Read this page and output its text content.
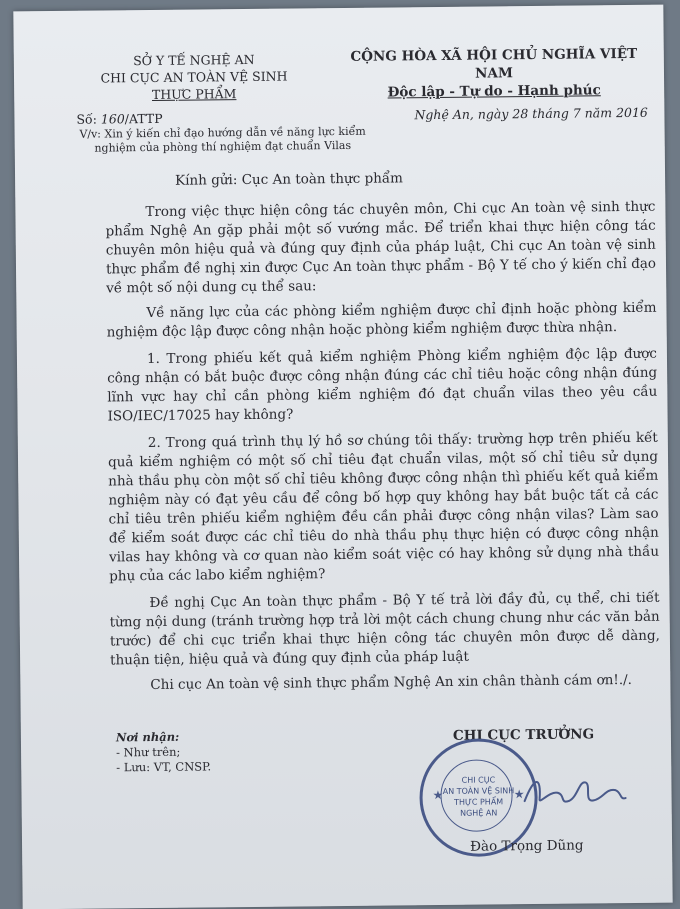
SỞ Y TẾ NGHỆ AN
CHI CỤC AN TOÀN VỆ SINH
THỰC PHẨM
CỘNG HÒA XÃ HỘI CHỦ NGHĨA VIỆT NAM
Độc lập - Tự do - Hạnh phúc
Số: 160/ATTP
V/v: Xin ý kiến chỉ đạo hướng dẫn về năng lực kiểm nghiệm của phòng thí nghiệm đạt chuẩn Vilas
Nghệ An, ngày 28 tháng 7 năm 2016
Kính gửi: Cục An toàn thực phẩm

Trong việc thực hiện công tác chuyên môn, Chi cục An toàn vệ sinh thực phẩm Nghệ An gặp phải một số vướng mắc. Để triển khai thực hiện công tác chuyên môn hiệu quả và đúng quy định của pháp luật, Chi cục An toàn vệ sinh thực phẩm đề nghị xin được Cục An toàn thực phẩm - Bộ Y tế cho ý kiến chỉ đạo về một số nội dung cụ thể sau:

Về năng lực của các phòng kiểm nghiệm được chỉ định hoặc phòng kiểm nghiệm độc lập được công nhận hoặc phòng kiểm nghiệm được thừa nhận.

1. Trong phiếu kết quả kiểm nghiệm Phòng kiểm nghiệm độc lập được công nhận có bắt buộc được công nhận đúng các chỉ tiêu hoặc công nhận đúng lĩnh vực hay chỉ cần phòng kiểm nghiệm đó đạt chuẩn vilas theo yêu cầu ISO/IEC/17025 hay không?

2. Trong quá trình thụ lý hồ sơ chúng tôi thấy: trường hợp trên phiếu kết quả kiểm nghiệm có một số chỉ tiêu đạt chuẩn vilas, một số chỉ tiêu sử dụng nhà thầu phụ còn một số chỉ tiêu không được công nhận thì phiếu kết quả kiểm nghiệm này có đạt yêu cầu để công bố hợp quy không hay bắt buộc tất cả các chỉ tiêu trên phiếu kiểm nghiệm đều cần phải được công nhận vilas? Làm sao để kiểm soát được các chỉ tiêu do nhà thầu phụ thực hiện có được công nhận vilas hay không và cơ quan nào kiểm soát việc có hay không sử dụng nhà thầu phụ của các labo kiểm nghiệm?

Đề nghị Cục An toàn thực phẩm - Bộ Y tế trả lời đầy đủ, cụ thể, chi tiết từng nội dung (tránh trường hợp trả lời một cách chung chung như các văn bản trước) để chi cục triển khai thực hiện công tác chuyên môn được dễ dàng, thuận tiện, hiệu quả và đúng quy định của pháp luật

Chi cục An toàn vệ sinh thực phẩm Nghệ An xin chân thành cám ơn!./.

Nơi nhận:
- Như trên;
- Lưu: VT, CNSP.
CHI CỤC TRƯỞNG
★	★
CHI CỤC
AN TOÀN VỆ SINH
THỰC PHẨM
NGHỆ AN
Đào Trọng Dũng
